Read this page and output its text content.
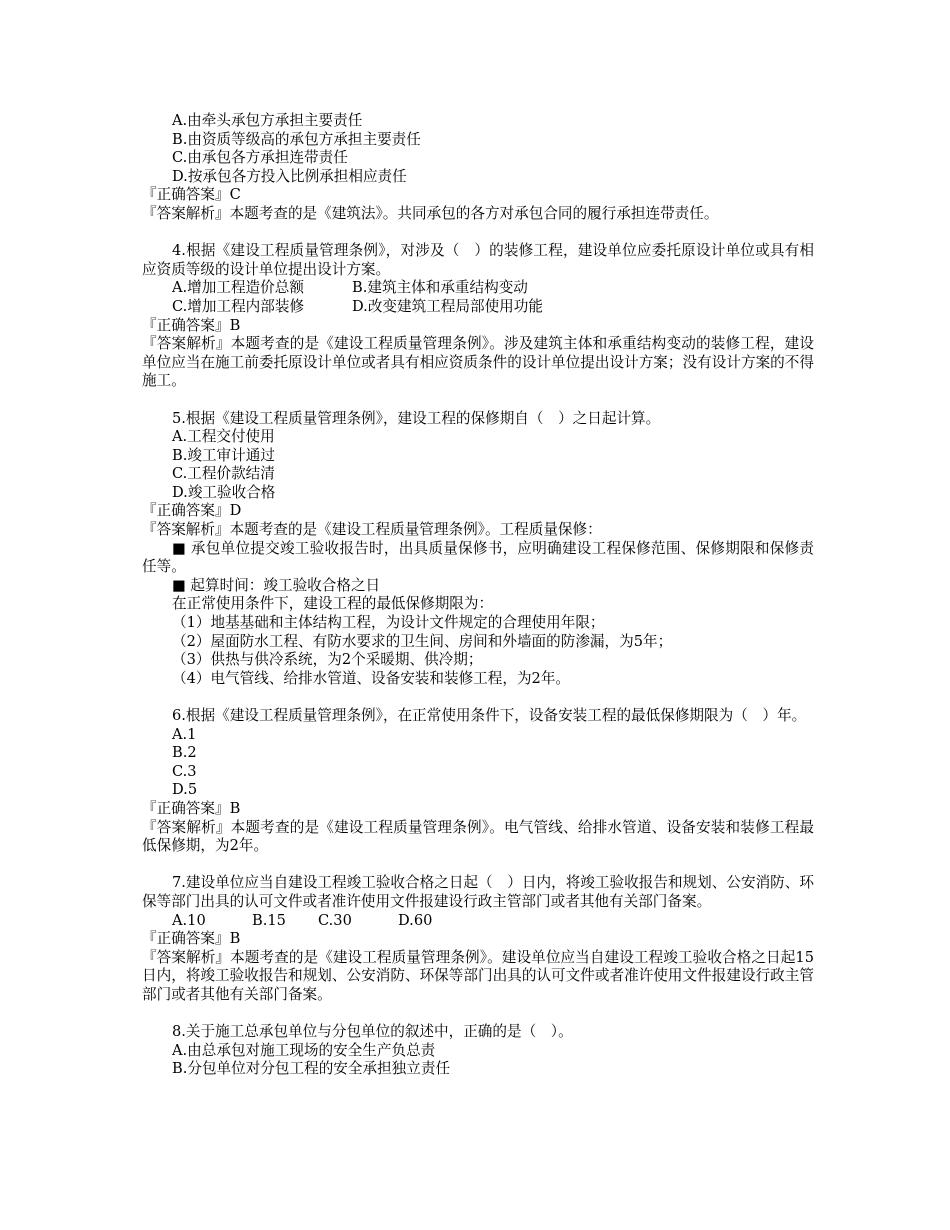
A.由牵头承包方承担主要责任
B.由资质等级高的承包方承担主要责任
C.由承包各方承担连带责任
D.按承包各方投入比例承担相应责任
『正确答案』C
『答案解析』本题考查的是《建筑法》。共同承包的各方对承包合同的履行承担连带责任。
4.根据《建设工程质量管理条例》，对涉及（　）的装修工程，建设单位应委托原设计单位或具有相应资质等级的设计单位提出设计方案。
A.增加工程造价总额	B.建筑主体和承重结构变动
C.增加工程内部装修	D.改变建筑工程局部使用功能
『正确答案』B
『答案解析』本题考查的是《建设工程质量管理条例》。涉及建筑主体和承重结构变动的装修工程，建设单位应当在施工前委托原设计单位或者具有相应资质条件的设计单位提出设计方案；没有设计方案的不得施工。
5.根据《建设工程质量管理条例》，建设工程的保修期自（　）之日起计算。
A.工程交付使用
B.竣工审计通过
C.工程价款结清
D.竣工验收合格
『正确答案』D
『答案解析』本题考查的是《建设工程质量管理条例》。工程质量保修：
■ 承包单位提交竣工验收报告时，出具质量保修书，应明确建设工程保修范围、保修期限和保修责任等。
■ 起算时间：竣工验收合格之日
在正常使用条件下，建设工程的最低保修期限为：
（1）地基基础和主体结构工程，为设计文件规定的合理使用年限；
（2）屋面防水工程、有防水要求的卫生间、房间和外墙面的防渗漏，为5年；
（3）供热与供冷系统，为2个采暖期、供冷期；
（4）电气管线、给排水管道、设备安装和装修工程，为2年。
6.根据《建设工程质量管理条例》，在正常使用条件下，设备安装工程的最低保修期限为（　）年。
A.1
B.2
C.3
D.5
『正确答案』B
『答案解析』本题考查的是《建设工程质量管理条例》。电气管线、给排水管道、设备安装和装修工程最低保修期，为2年。
7.建设单位应当自建设工程竣工验收合格之日起（　）日内，将竣工验收报告和规划、公安消防、环保等部门出具的认可文件或者准许使用文件报建设行政主管部门或者其他有关部门备案。
A.10	B.15	C.30	D.60
『正确答案』B
『答案解析』本题考查的是《建设工程质量管理条例》。建设单位应当自建设工程竣工验收合格之日起15日内，将竣工验收报告和规划、公安消防、环保等部门出具的认可文件或者准许使用文件报建设行政主管部门或者其他有关部门备案。
8.关于施工总承包单位与分包单位的叙述中，正确的是（　）。
A.由总承包对施工现场的安全生产负总责
B.分包单位对分包工程的安全承担独立责任
